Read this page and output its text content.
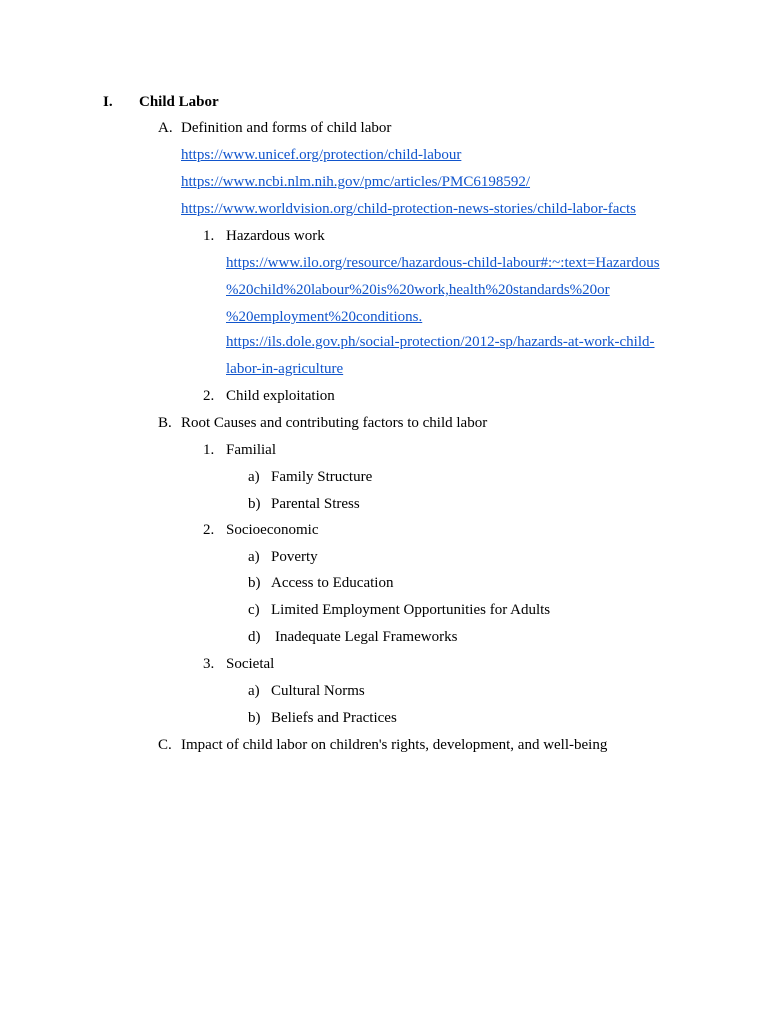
I. Child Labor
A. Definition and forms of child labor
https://www.unicef.org/protection/child-labour
https://www.ncbi.nlm.nih.gov/pmc/articles/PMC6198592/
https://www.worldvision.org/child-protection-news-stories/child-labor-facts
1. Hazardous work
https://www.ilo.org/resource/hazardous-child-labour#:~:text=Hazardous
%20child%20labour%20is%20work,health%20standards%20or
%20employment%20conditions.
https://ils.dole.gov.ph/social-protection/2012-sp/hazards-at-work-child-
labor-in-agriculture
2. Child exploitation
B. Root Causes and contributing factors to child labor
1. Familial
a) Family Structure
b) Parental Stress
2. Socioeconomic
a) Poverty
b) Access to Education
c) Limited Employment Opportunities for Adults
d) Inadequate Legal Frameworks
3. Societal
a) Cultural Norms
b) Beliefs and Practices
C. Impact of child labor on children's rights, development, and well-being
